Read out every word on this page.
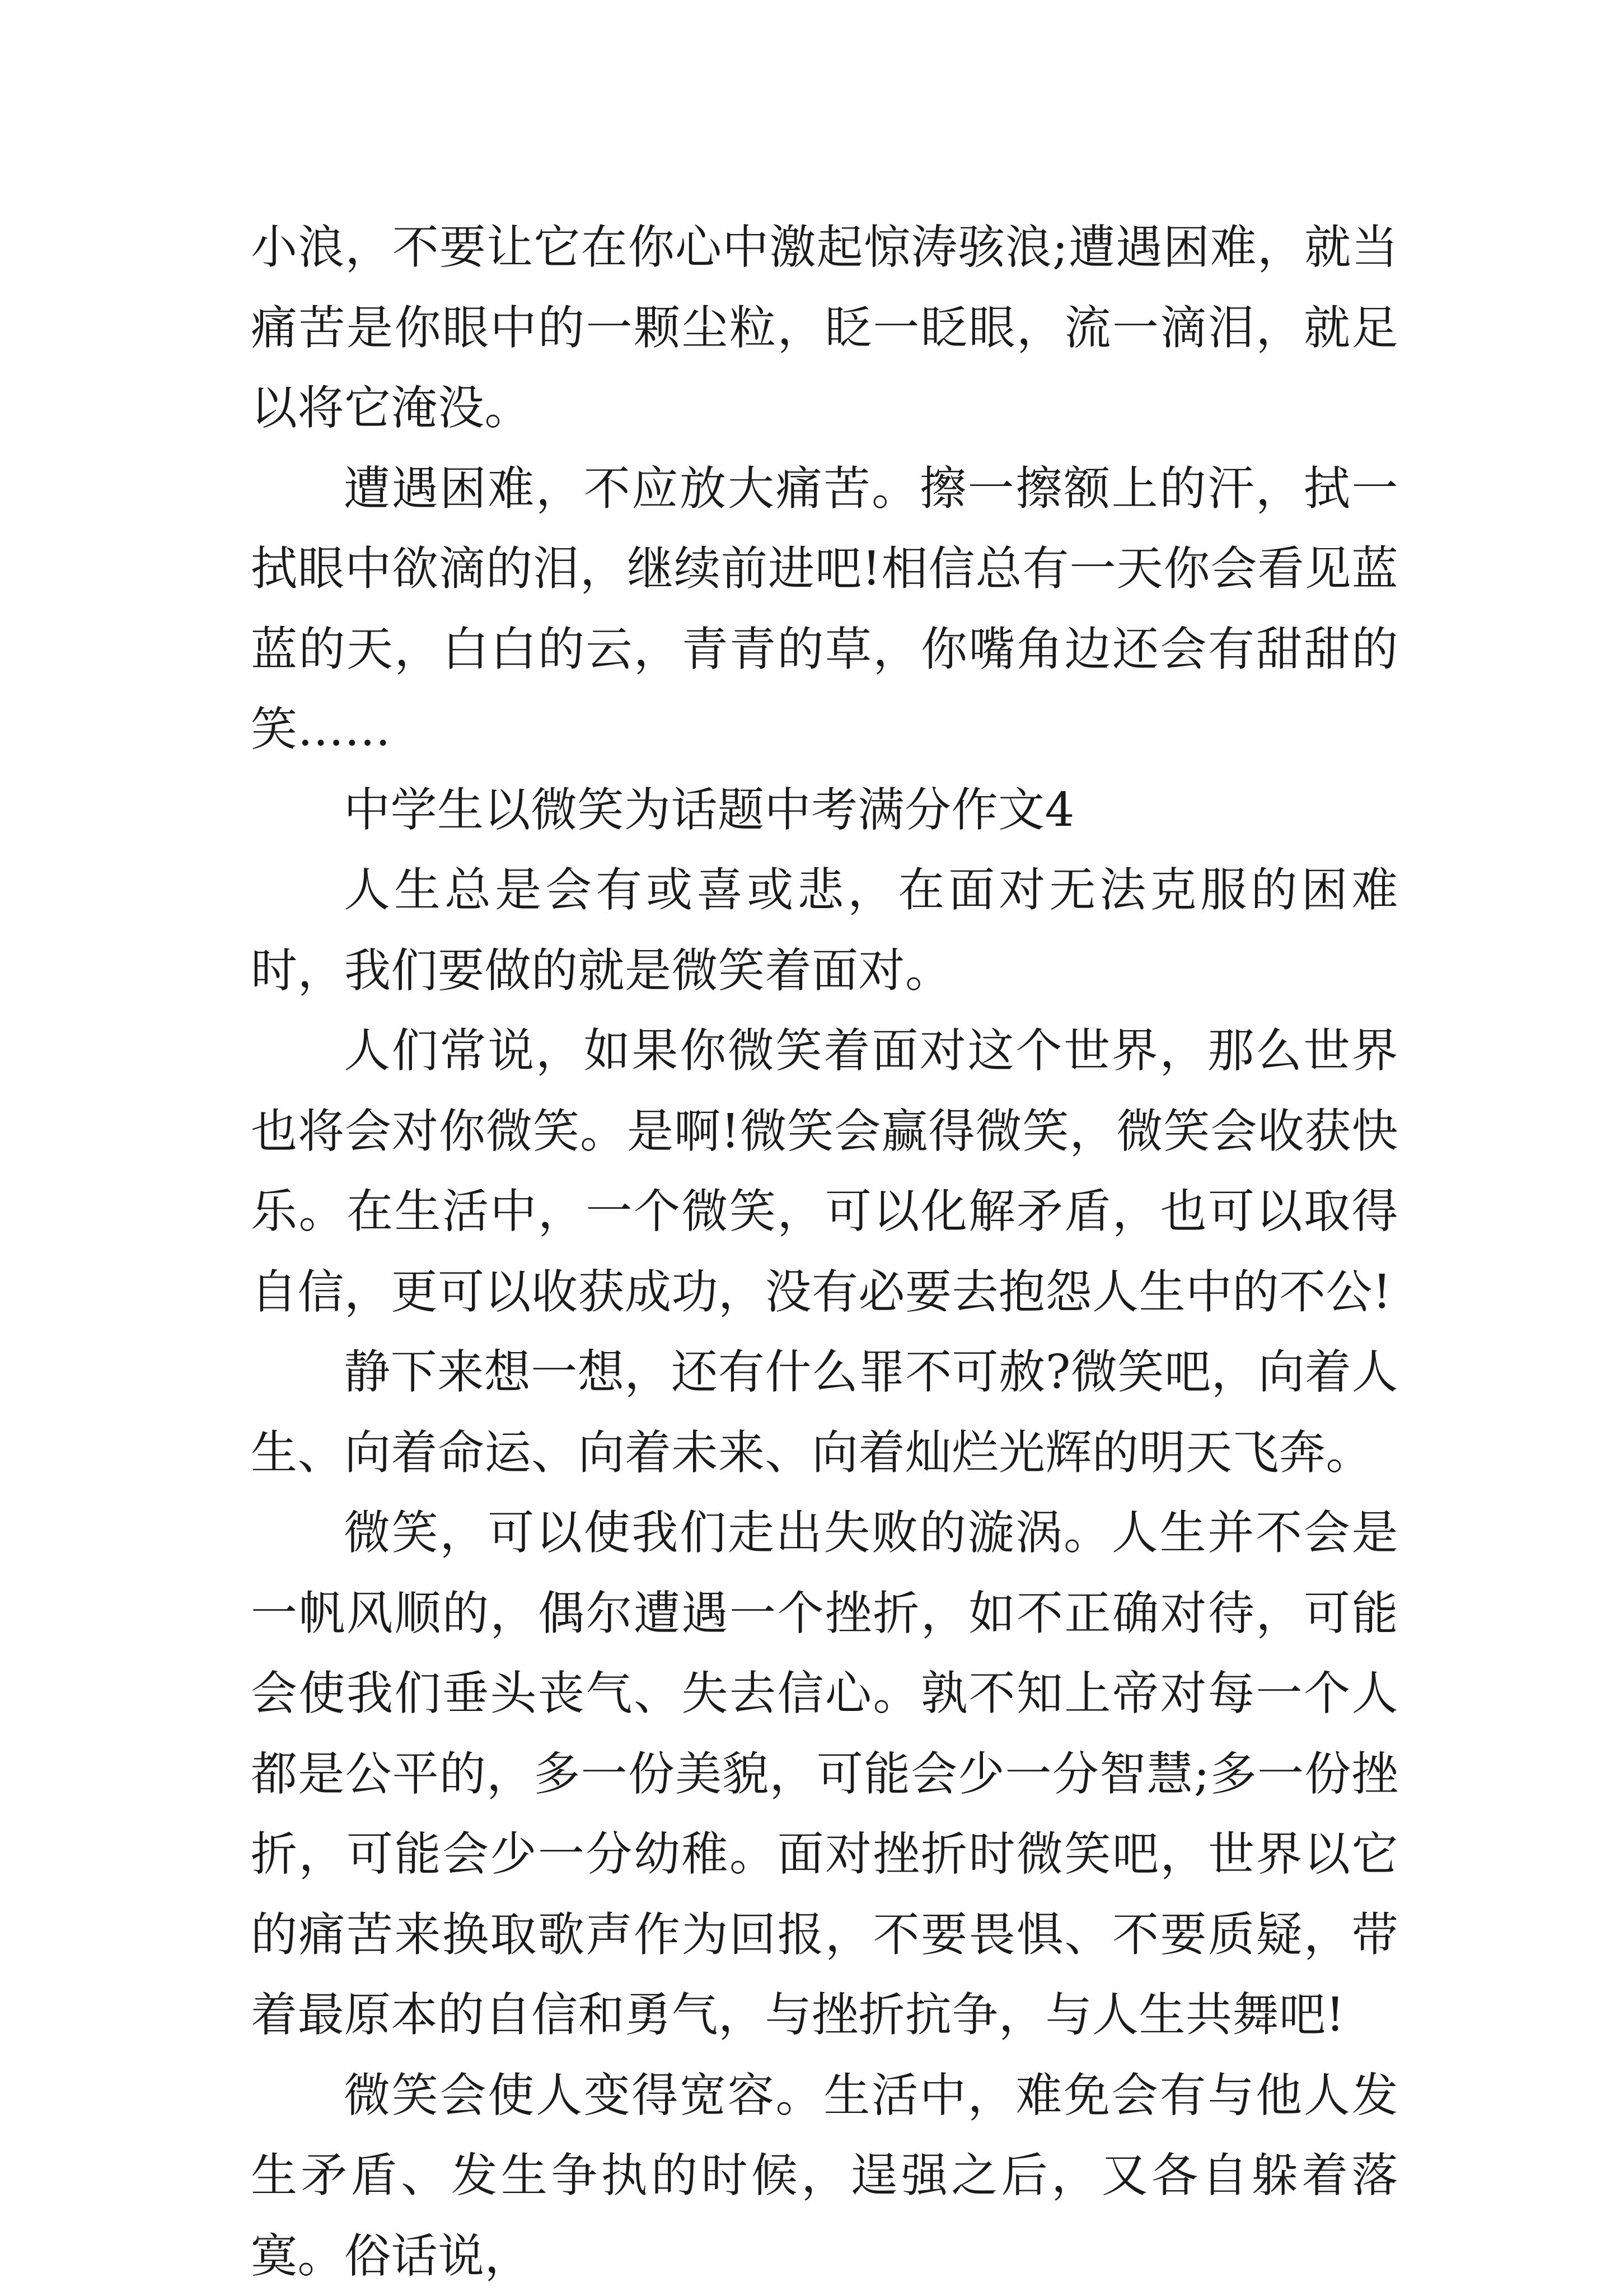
小浪，不要让它在你心中激起惊涛骇浪;遭遇困难，就当痛苦是你眼中的一颗尘粒，眨一眨眼，流一滴泪，就足以将它淹没。

遭遇困难，不应放大痛苦。擦一擦额上的汗，拭一拭眼中欲滴的泪，继续前进吧!相信总有一天你会看见蓝蓝的天，白白的云，青青的草，你嘴角边还会有甜甜的笑……

中学生以微笑为话题中考满分作文4

人生总是会有或喜或悲，在面对无法克服的困难时，我们要做的就是微笑着面对。

人们常说，如果你微笑着面对这个世界，那么世界也将会对你微笑。是啊!微笑会赢得微笑，微笑会收获快乐。在生活中，一个微笑，可以化解矛盾，也可以取得自信，更可以收获成功，没有必要去抱怨人生中的不公!

静下来想一想，还有什么罪不可赦?微笑吧，向着人生、向着命运、向着未来、向着灿烂光辉的明天飞奔。

微笑，可以使我们走出失败的漩涡。人生并不会是一帆风顺的，偶尔遭遇一个挫折，如不正确对待，可能会使我们垂头丧气、失去信心。孰不知上帝对每一个人都是公平的，多一份美貌，可能会少一分智慧;多一份挫折，可能会少一分幼稚。面对挫折时微笑吧，世界以它的痛苦来换取歌声作为回报，不要畏惧、不要质疑，带着最原本的自信和勇气，与挫折抗争，与人生共舞吧!

微笑会使人变得宽容。生活中，难免会有与他人发生矛盾、发生争执的时候，逞强之后，又各自躲着落寞。俗话说，
